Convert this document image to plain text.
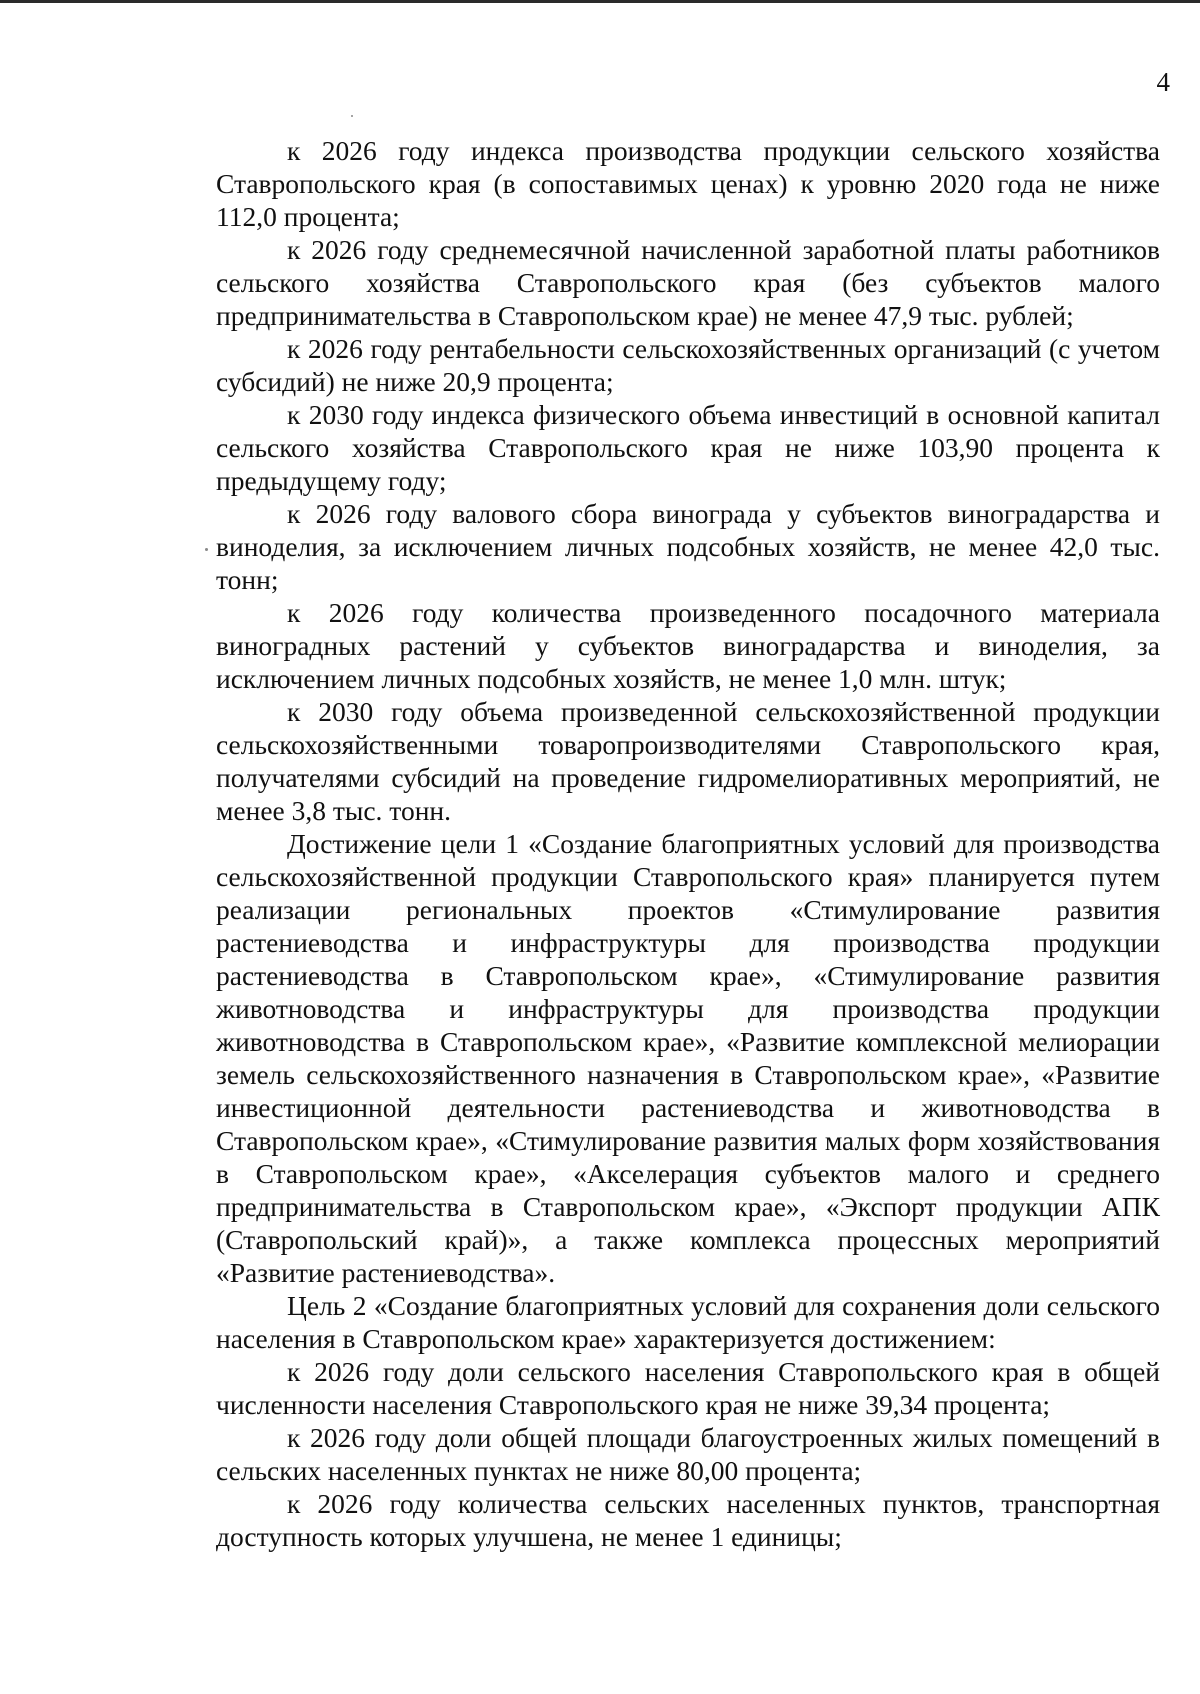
4

к 2026 году индекса производства продукции сельского хозяйства Ставропольского края (в сопоставимых ценах) к уровню 2020 года не ниже 112,0 процента;

к 2026 году среднемесячной начисленной заработной платы работников сельского хозяйства Ставропольского края (без субъектов малого предпринимательства в Ставропольском крае) не менее 47,9 тыс. рублей;

к 2026 году рентабельности сельскохозяйственных организаций (с учетом субсидий) не ниже 20,9 процента;

к 2030 году индекса физического объема инвестиций в основной капитал сельского хозяйства Ставропольского края не ниже 103,90 процента к предыдущему году;

к 2026 году валового сбора винограда у субъектов виноградарства и виноделия, за исключением личных подсобных хозяйств, не менее 42,0 тыс. тонн;

к 2026 году количества произведенного посадочного материала виноградных растений у субъектов виноградарства и виноделия, за исключением личных подсобных хозяйств, не менее 1,0 млн. штук;

к 2030 году объема произведенной сельскохозяйственной продукции сельскохозяйственными товаропроизводителями Ставропольского края, получателями субсидий на проведение гидромелиоративных мероприятий, не менее 3,8 тыс. тонн.

Достижение цели 1 «Создание благоприятных условий для производства сельскохозяйственной продукции Ставропольского края» планируется путем реализации региональных проектов «Стимулирование развития растениеводства и инфраструктуры для производства продукции растениеводства в Ставропольском крае», «Стимулирование развития животноводства и инфраструктуры для производства продукции животноводства в Ставропольском крае», «Развитие комплексной мелиорации земель сельскохозяйственного назначения в Ставропольском крае», «Развитие инвестиционной деятельности растениеводства и животноводства в Ставропольском крае», «Стимулирование развития малых форм хозяйствования в Ставропольском крае», «Акселерация субъектов малого и среднего предпринимательства в Ставропольском крае», «Экспорт продукции АПК (Ставропольский край)», а также комплекса процессных мероприятий «Развитие растениеводства».

Цель 2 «Создание благоприятных условий для сохранения доли сельского населения в Ставропольском крае» характеризуется достижением:

к 2026 году доли сельского населения Ставропольского края в общей численности населения Ставропольского края не ниже 39,34 процента;

к 2026 году доли общей площади благоустроенных жилых помещений в сельских населенных пунктах не ниже 80,00 процента;

к 2026 году количества сельских населенных пунктов, транспортная доступность которых улучшена, не менее 1 единицы;
